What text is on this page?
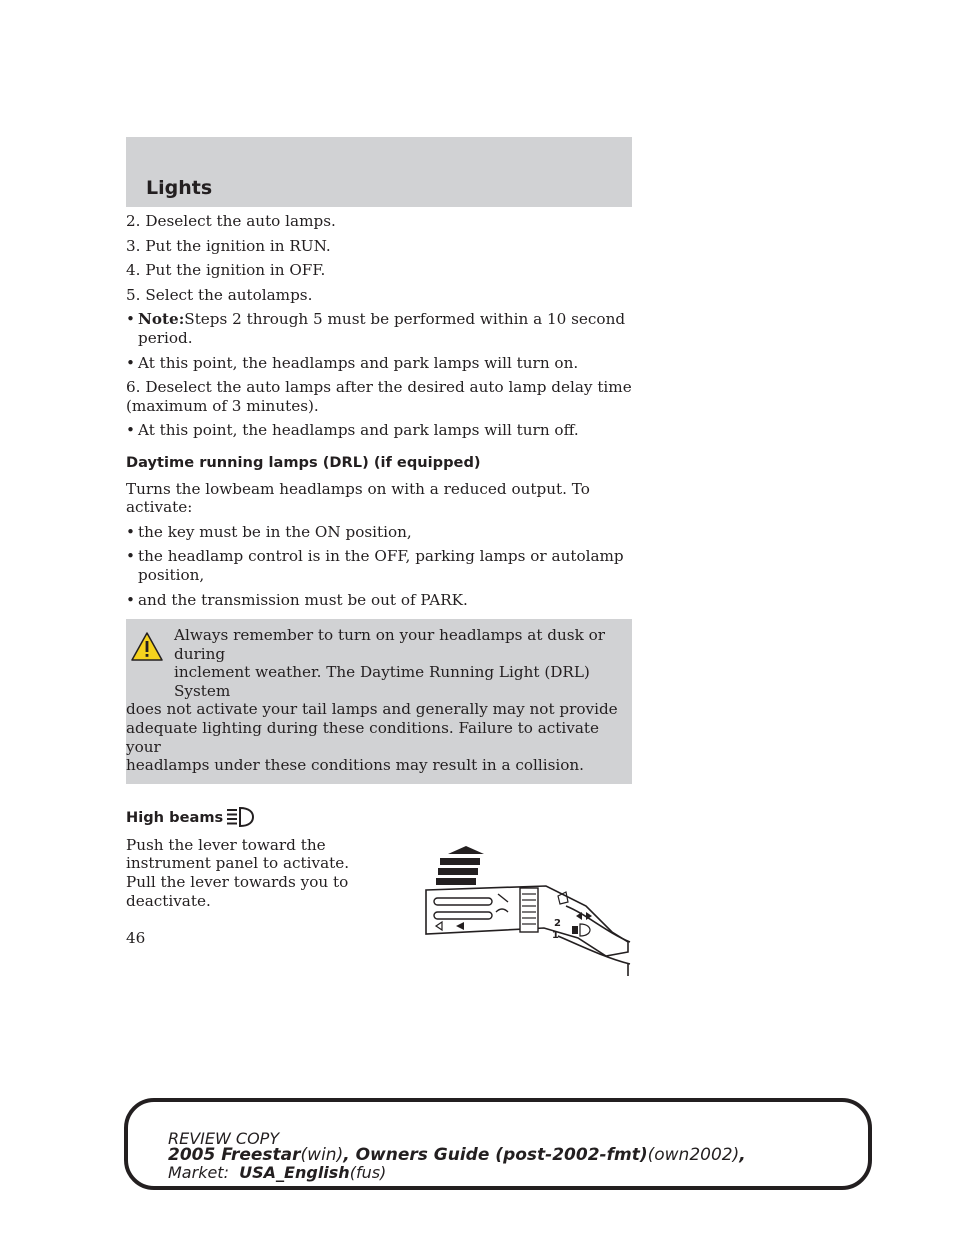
Lights

2. Deselect the auto lamps.

3. Put the ignition in RUN.

4. Put the ignition in OFF.

5. Select the autolamps.

• Note:Steps 2 through 5 must be performed within a 10 second period.
• At this point, the headlamps and park lamps will turn on.

6. Deselect the auto lamps after the desired auto lamp delay time (maximum of 3 minutes).

• At this point, the headlamps and park lamps will turn off.
Daytime running lamps (DRL) (if equipped)

Turns the lowbeam headlamps on with a reduced output. To activate:

• the key must be in the ON position,
• the headlamp control is in the OFF, parking lamps or autolamp position,
• and the transmission must be out of PARK.
Always remember to turn on your headlamps at dusk or during
inclement weather. The Daytime Running Light (DRL) System
does not activate your tail lamps and generally may not provide
adequate lighting during these conditions. Failure to activate your
headlamps under these conditions may result in a collision.
High beams
Push the lever toward the instrument panel to activate. Pull the lever towards you to deactivate.
2
1
46
REVIEW COPY
2005 Freestar(win), Owners Guide (post-2002-fmt)(own2002),
Market: USA_English(fus)
